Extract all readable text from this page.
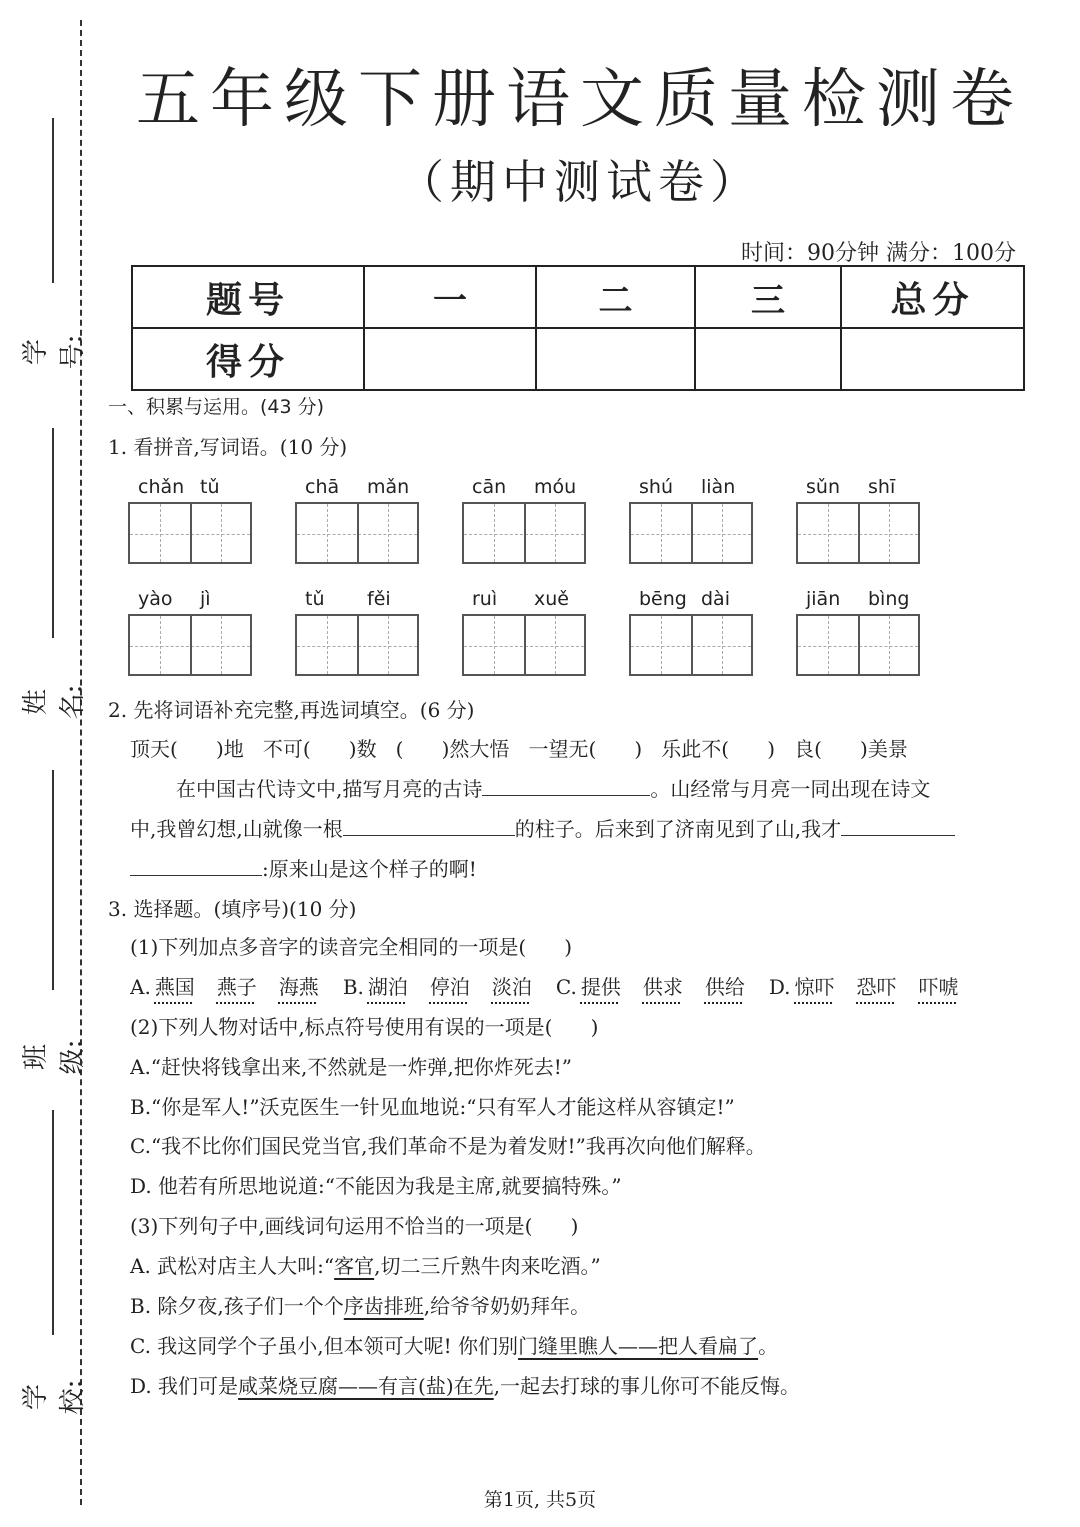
学号:
姓名:
班级:
学校:
五年级下册语文质量检测卷
（期中测试卷）
时间：90分钟 满分：100分
题号	一	二	三	总分
得分				
一、积累与运用。(43 分)
1. 看拼音,写词语。(10 分)
chǎn tǔ	chā mǎn	cān móu	shú liàn	sǔn shī
yào jì	tǔ fěi	ruì xuě	bēng dài	jiān bìng
2. 先将词语补充完整,再选词填空。(6 分)
顶天(      )地   不可(      )数   (      )然大悟   一望无(      )   乐此不(      )   良(      )美景
在中国古代诗文中,描写月亮的古诗	。山经常与月亮一同出现在诗文
中,我曾幻想,山就像一根	的柱子。后来到了济南见到了山,我才
:原来山是这个样子的啊!
3. 选择题。(填序号)(10 分)
(1)下列加点多音字的读音完全相同的一项是(      )
A. 燕国 燕子 海燕 B. 湖泊 停泊 淡泊 C. 提供 供求 供给 D. 惊吓 恐吓 吓唬
(2)下列人物对话中,标点符号使用有误的一项是(      )
A.“赶快将钱拿出来,不然就是一炸弹,把你炸死去!”
B.“你是军人!”沃克医生一针见血地说:“只有军人才能这样从容镇定!”
C.“我不比你们国民党当官,我们革命不是为着发财!”我再次向他们解释。
D. 他若有所思地说道:“不能因为我是主席,就要搞特殊。”
(3)下列句子中,画线词句运用不恰当的一项是(      )
A. 武松对店主人大叫:“客官,切二三斤熟牛肉来吃酒。”
B. 除夕夜,孩子们一个个序齿排班,给爷爷奶奶拜年。
C. 我这同学个子虽小,但本领可大呢! 你们别门缝里瞧人——把人看扁了。
D. 我们可是咸菜烧豆腐——有言(盐)在先,一起去打球的事儿你可不能反悔。
第1页, 共5页
